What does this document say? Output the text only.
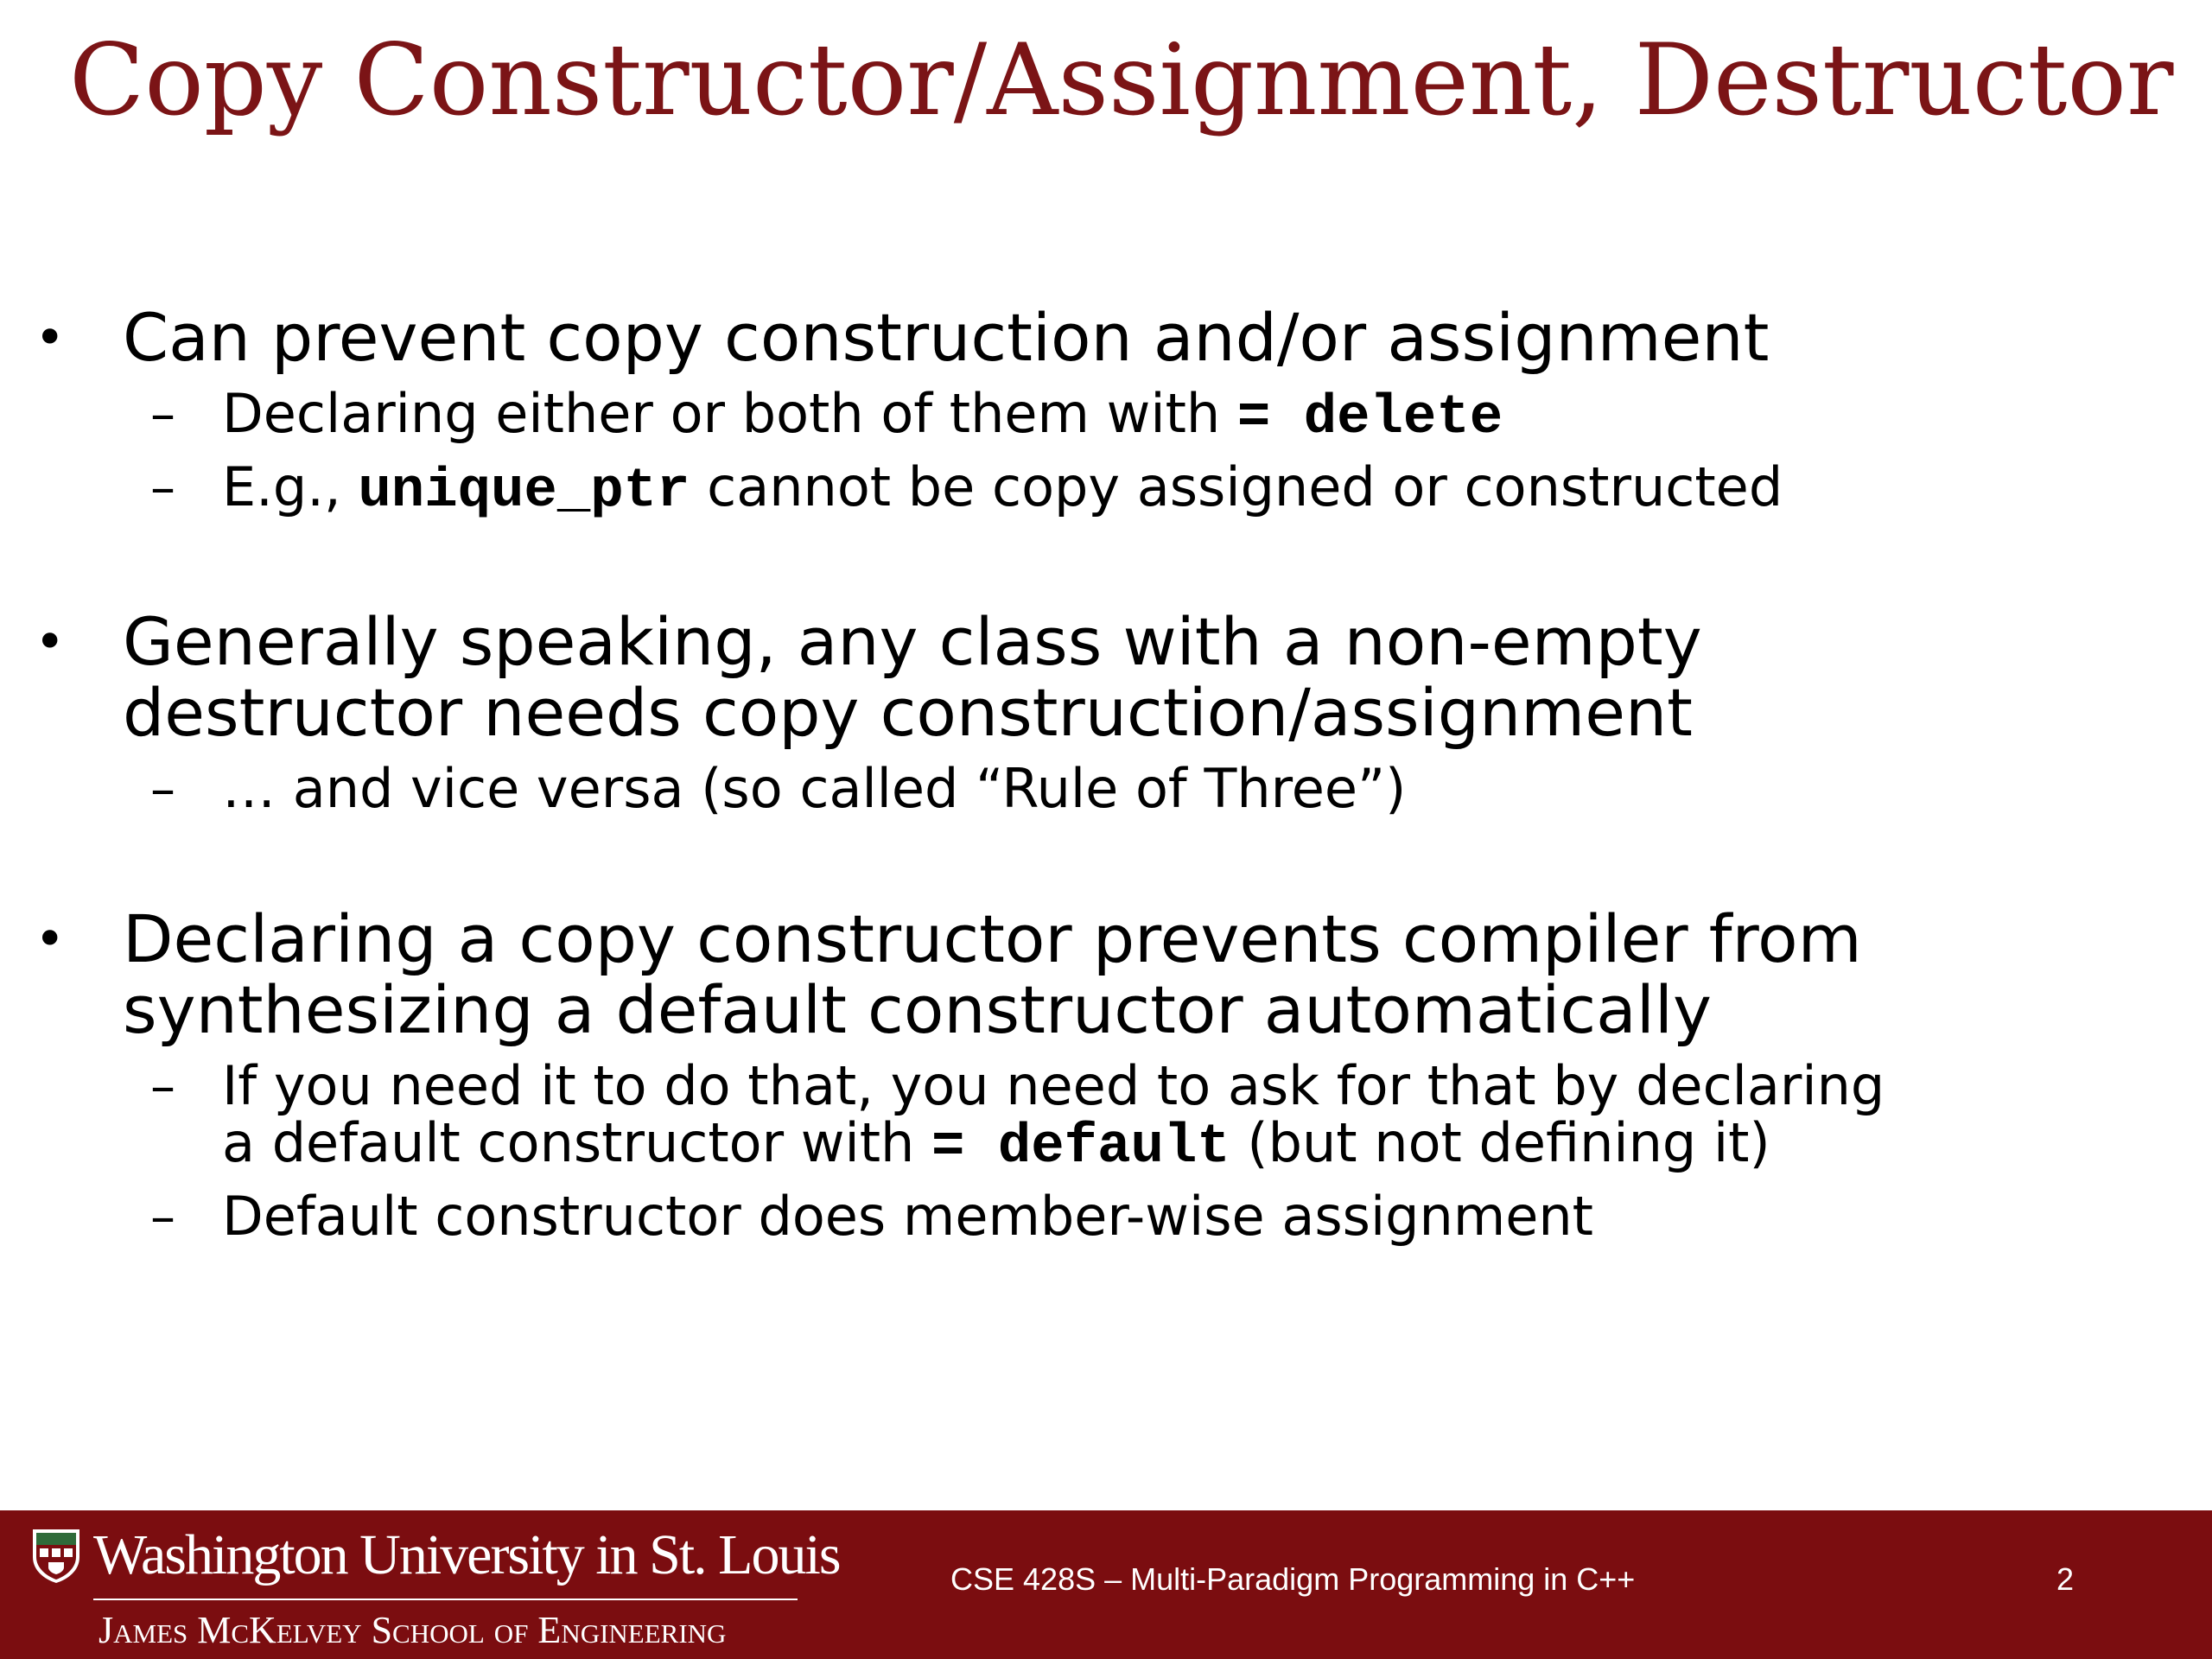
Copy Constructor/Assignment, Destructor
• Can prevent copy construction and/or assignment
– Declaring either or both of them with = delete
– E.g., unique_ptr cannot be copy assigned or constructed
• Generally speaking, any class with a non-empty
destructor needs copy construction/assignment
– … and vice versa (so called “Rule of Three”)
• Declaring a copy constructor prevents compiler from
synthesizing a default constructor automatically
– If you need it to do that, you need to ask for that by declaring
a default constructor with = default (but not defining it)
– Default constructor does member-wise assignment
Washington University in St. Louis
James McKelvey School of Engineering
CSE 428S – Multi-Paradigm Programming in C++	2
